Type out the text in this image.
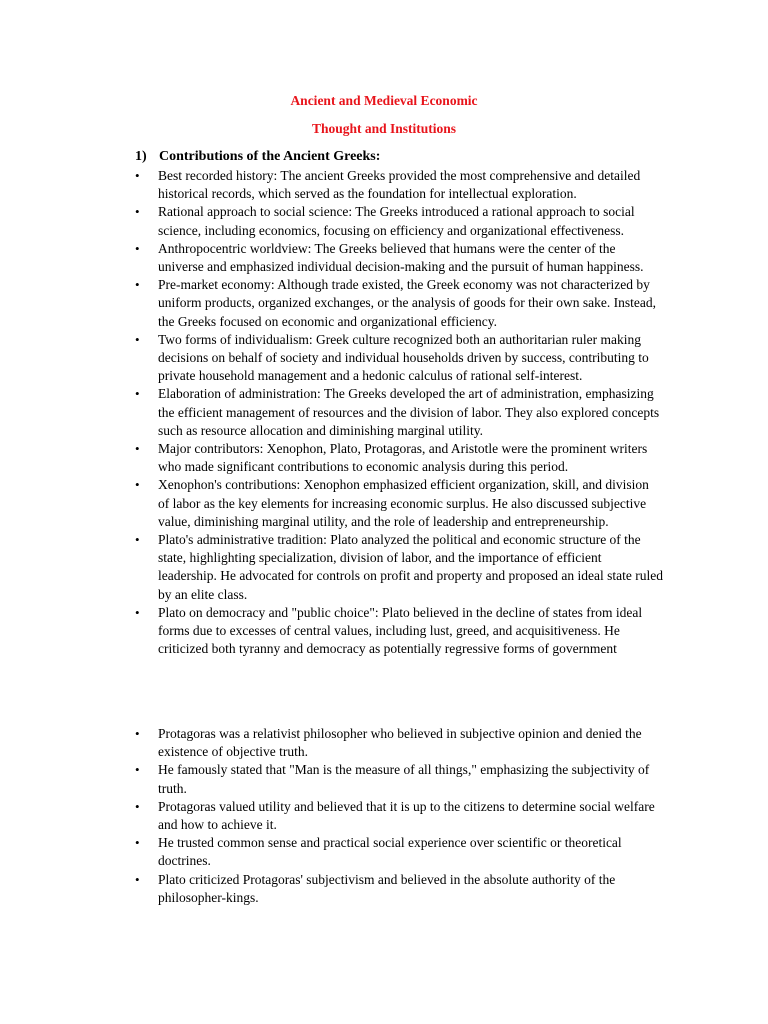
Ancient and Medieval Economic
Thought and Institutions
1) Contributions of the Ancient Greeks:
• Best recorded history: The ancient Greeks provided the most comprehensive and detailed historical records, which served as the foundation for intellectual exploration.
• Rational approach to social science: The Greeks introduced a rational approach to social science, including economics, focusing on efficiency and organizational effectiveness.
• Anthropocentric worldview: The Greeks believed that humans were the center of the universe and emphasized individual decision-making and the pursuit of human happiness.
• Pre-market economy: Although trade existed, the Greek economy was not characterized by uniform products, organized exchanges, or the analysis of goods for their own sake. Instead, the Greeks focused on economic and organizational efficiency.
• Two forms of individualism: Greek culture recognized both an authoritarian ruler making decisions on behalf of society and individual households driven by success, contributing to private household management and a hedonic calculus of rational self-interest.
• Elaboration of administration: The Greeks developed the art of administration, emphasizing the efficient management of resources and the division of labor. They also explored concepts such as resource allocation and diminishing marginal utility.
• Major contributors: Xenophon, Plato, Protagoras, and Aristotle were the prominent writers who made significant contributions to economic analysis during this period.
• Xenophon's contributions: Xenophon emphasized efficient organization, skill, and division of labor as the key elements for increasing economic surplus. He also discussed subjective value, diminishing marginal utility, and the role of leadership and entrepreneurship.
• Plato's administrative tradition: Plato analyzed the political and economic structure of the state, highlighting specialization, division of labor, and the importance of efficient leadership. He advocated for controls on profit and property and proposed an ideal state ruled by an elite class.
• Plato on democracy and "public choice": Plato believed in the decline of states from ideal forms due to excesses of central values, including lust, greed, and acquisitiveness. He criticized both tyranny and democracy as potentially regressive forms of government
• Protagoras was a relativist philosopher who believed in subjective opinion and denied the existence of objective truth.
• He famously stated that "Man is the measure of all things," emphasizing the subjectivity of truth.
• Protagoras valued utility and believed that it is up to the citizens to determine social welfare and how to achieve it.
• He trusted common sense and practical social experience over scientific or theoretical doctrines.
• Plato criticized Protagoras' subjectivism and believed in the absolute authority of the philosopher-kings.
